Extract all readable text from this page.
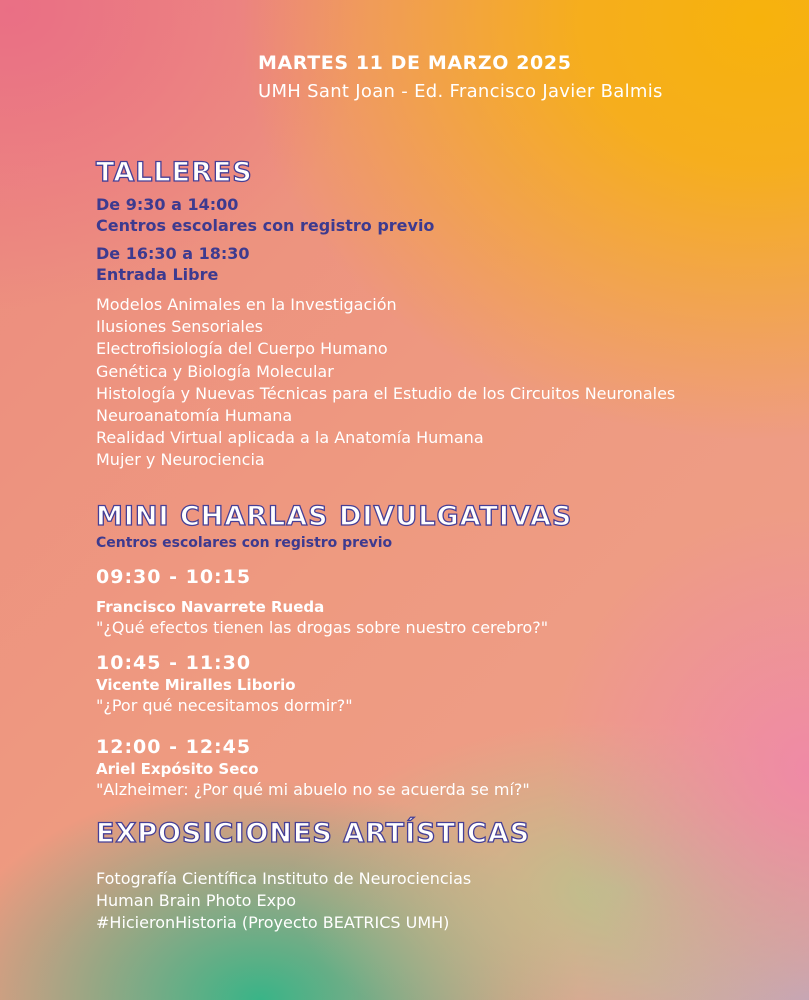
MARTES 11 DE MARZO 2025
UMH Sant Joan - Ed. Francisco Javier Balmis
TALLERES
De 9:30 a 14:00
Centros escolares con registro previo
De 16:30 a 18:30
Entrada Libre
Modelos Animales en la Investigación
Ilusiones Sensoriales
Electrofisiología del Cuerpo Humano
Genética y Biología Molecular
Histología y Nuevas Técnicas para el Estudio de los Circuitos Neuronales
Neuroanatomía Humana
Realidad Virtual aplicada a la Anatomía Humana
Mujer y Neurociencia
MINI CHARLAS DIVULGATIVAS
Centros escolares con registro previo
09:30 - 10:15
Francisco Navarrete Rueda
"¿Qué efectos tienen las drogas sobre nuestro cerebro?"
10:45 - 11:30
Vicente Miralles Liborio
"¿Por qué necesitamos dormir?"
12:00 - 12:45
Ariel Expósito Seco
"Alzheimer: ¿Por qué mi abuelo no se acuerda se mí?"
EXPOSICIONES ARTÍSTICAS
Fotografía Científica Instituto de Neurociencias
Human Brain Photo Expo
#HicieronHistoria (Proyecto BEATRICS UMH)
